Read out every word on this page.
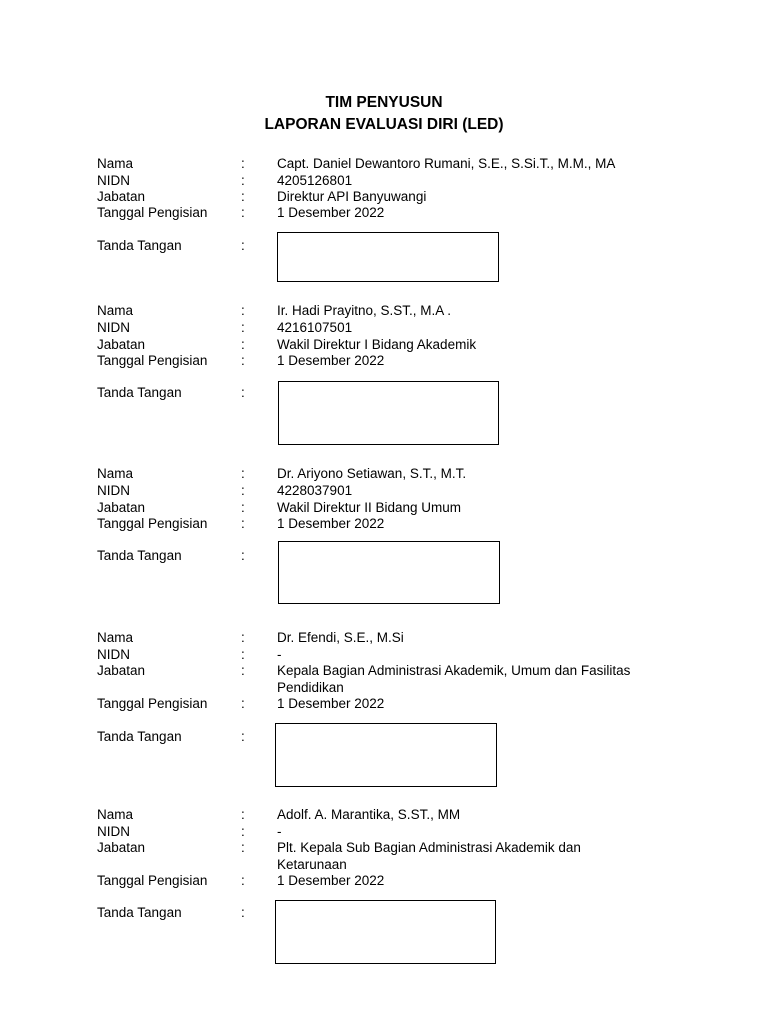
TIM PENYUSUN
LAPORAN EVALUASI DIRI (LED)
Nama	: Capt. Daniel Dewantoro Rumani, S.E., S.Si.T., M.M., MA
NIDN	: 4205126801
Jabatan	: Direktur API Banyuwangi
Tanggal Pengisian : 1 Desember 2022
Tanda Tangan	:
Nama	: Ir. Hadi Prayitno, S.ST., M.A .
NIDN	: 4216107501
Jabatan	: Wakil Direktur I Bidang Akademik
Tanggal Pengisian : 1 Desember 2022
Tanda Tangan	:
Nama	: Dr. Ariyono Setiawan, S.T., M.T.
NIDN	: 4228037901
Jabatan	: Wakil Direktur II Bidang Umum
Tanggal Pengisian : 1 Desember 2022
Tanda Tangan	:
Nama	: Dr. Efendi, S.E., M.Si
NIDN	: -
Jabatan	: Kepala Bagian Administrasi Akademik, Umum dan Fasilitas Pendidikan
Tanggal Pengisian : 1 Desember 2022
Tanda Tangan	:
Nama	: Adolf. A. Marantika, S.ST., MM
NIDN	: -
Jabatan	: Plt. Kepala Sub Bagian Administrasi Akademik dan Ketarunaan
Tanggal Pengisian : 1 Desember 2022
Tanda Tangan	:
